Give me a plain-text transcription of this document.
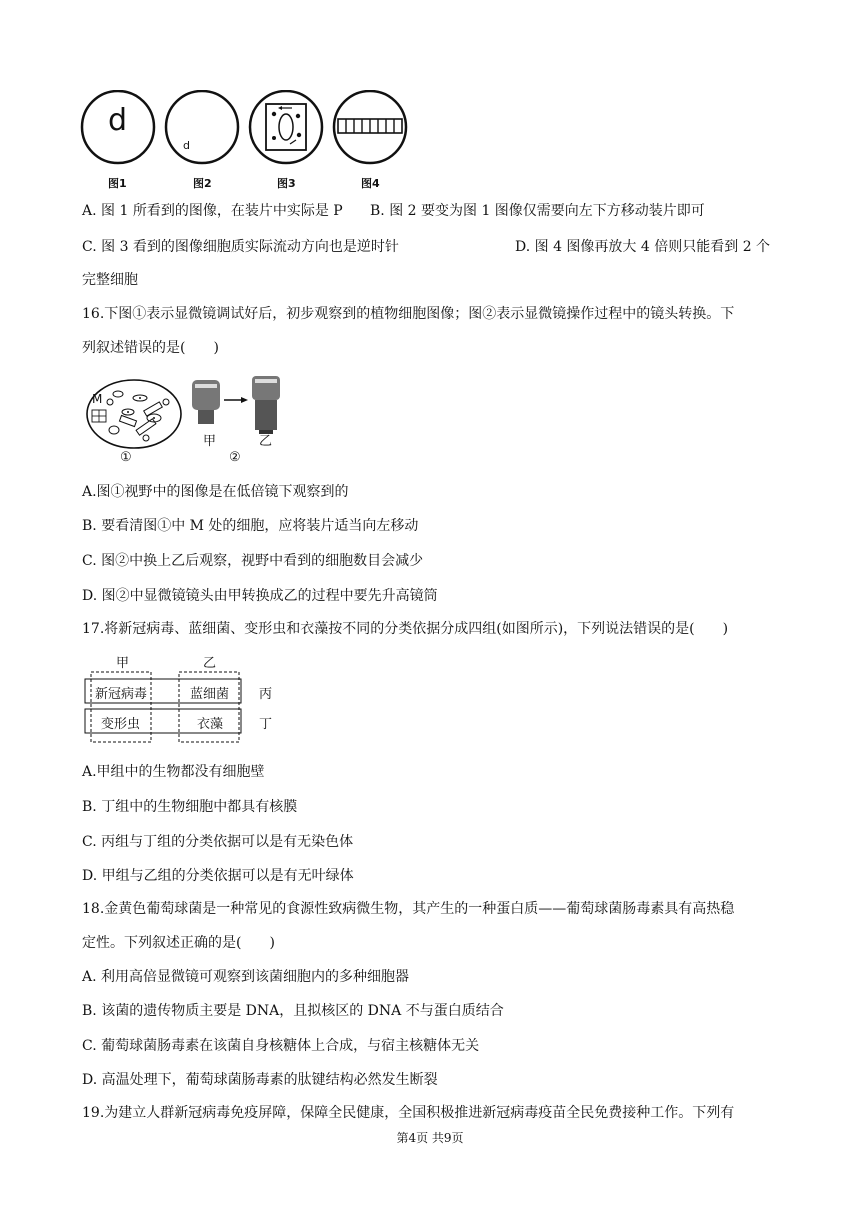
d
d
图1	图2	图3	图4
A. 图 1 所看到的图像，在装片中实际是 P B. 图 2 要变为图 1 图像仅需要向左下方移动装片即可
C. 图 3 看到的图像细胞质实际流动方向也是逆时针	D. 图 4 图像再放大 4 倍则只能看到 2 个
完整细胞
16.下图①表示显微镜调试好后，初步观察到的植物细胞图像；图②表示显微镜操作过程中的镜头转换。下
列叙述错误的是(　　)
M
甲	乙
①	②
A.图①视野中的图像是在低倍镜下观察到的
B. 要看清图①中 M 处的细胞，应将装片适当向左移动
C. 图②中换上乙后观察，视野中看到的细胞数目会减少
D. 图②中显微镜镜头由甲转换成乙的过程中要先升高镜筒
17.将新冠病毒、蓝细菌、变形虫和衣藻按不同的分类依据分成四组(如图所示)，下列说法错误的是(　　)
甲	乙
新冠病毒	蓝细菌 丙
变形虫	衣藻	丁
A.甲组中的生物都没有细胞壁
B. 丁组中的生物细胞中都具有核膜
C. 丙组与丁组的分类依据可以是有无染色体
D. 甲组与乙组的分类依据可以是有无叶绿体
18.金黄色葡萄球菌是一种常见的食源性致病微生物，其产生的一种蛋白质——葡萄球菌肠毒素具有高热稳
定性。下列叙述正确的是(　　)
A. 利用高倍显微镜可观察到该菌细胞内的多种细胞器
B. 该菌的遗传物质主要是 DNA，且拟核区的 DNA 不与蛋白质结合
C. 葡萄球菌肠毒素在该菌自身核糖体上合成，与宿主核糖体无关
D. 高温处理下，葡萄球菌肠毒素的肽键结构必然发生断裂
19.为建立人群新冠病毒免疫屏障，保障全民健康，全国积极推进新冠病毒疫苗全民免费接种工作。下列有
第4页 共9页
